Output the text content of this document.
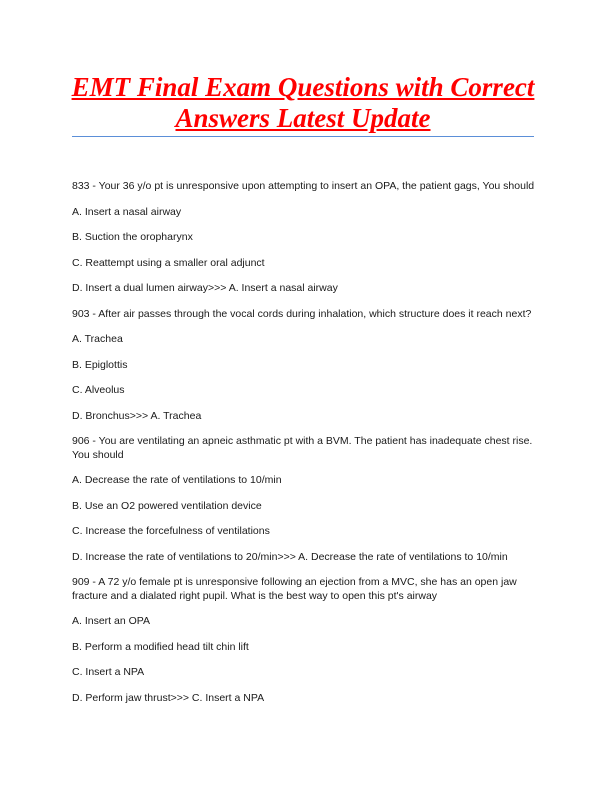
EMT Final Exam Questions with Correct
Answers Latest Update

833 - Your 36 y/o pt is unresponsive upon attempting to insert an OPA, the patient gags, You should

A. Insert a nasal airway

B. Suction the oropharynx

C. Reattempt using a smaller oral adjunct

D. Insert a dual lumen airway>>> A. Insert a nasal airway

903 - After air passes through the vocal cords during inhalation, which structure does it reach next?

A. Trachea

B. Epiglottis

C. Alveolus

D. Bronchus>>> A. Trachea

906 - You are ventilating an apneic asthmatic pt with a BVM. The patient has inadequate chest rise. You should

A. Decrease the rate of ventilations to 10/min

B. Use an O2 powered ventilation device

C. Increase the forcefulness of ventilations

D. Increase the rate of ventilations to 20/min>>> A. Decrease the rate of ventilations to 10/min

909 - A 72 y/o female pt is unresponsive following an ejection from a MVC, she has an open jaw fracture and a dialated right pupil. What is the best way to open this pt's airway

A. Insert an OPA

B. Perform a modified head tilt chin lift

C. Insert a NPA

D. Perform jaw thrust>>> C. Insert a NPA
